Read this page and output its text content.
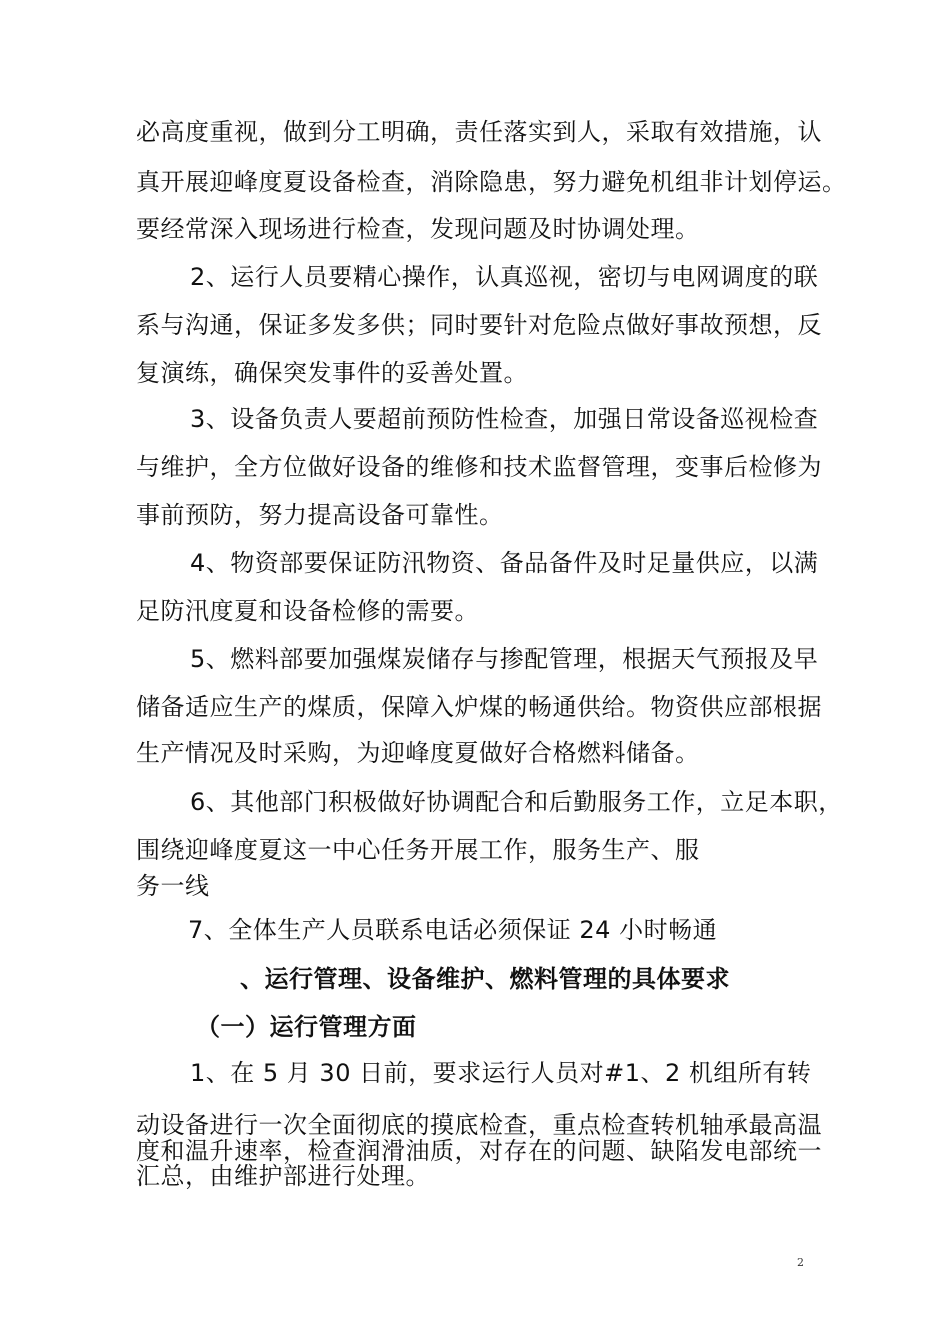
必高度重视，做到分工明确，责任落实到人，采取有效措施，认
真开展迎峰度夏设备检查，消除隐患，努力避免机组非计划停运。
要经常深入现场进行检查，发现问题及时协调处理。
2、运行人员要精心操作，认真巡视，密切与电网调度的联
系与沟通，保证多发多供；同时要针对危险点做好事故预想，反
复演练，确保突发事件的妥善处置。
3、设备负责人要超前预防性检查，加强日常设备巡视检查
与维护，全方位做好设备的维修和技术监督管理，变事后检修为
事前预防，努力提高设备可靠性。
4、物资部要保证防汛物资、备品备件及时足量供应，以满
足防汛度夏和设备检修的需要。
5、燃料部要加强煤炭储存与掺配管理，根据天气预报及早
储备适应生产的煤质，保障入炉煤的畅通供给。物资供应部根据
生产情况及时采购，为迎峰度夏做好合格燃料储备。
6、其他部门积极做好协调配合和后勤服务工作，立足本职，
围绕迎峰度夏这一中心任务开展工作，服务生产、服
务一线
7、全体生产人员联系电话必须保证 24 小时畅通
、运行管理、设备维护、燃料管理的具体要求
（一）运行管理方面
1、在 5 月 30 日前，要求运行人员对#1、2 机组所有转
动设备进行一次全面彻底的摸底检查，重点检查转机轴承最高温
度和温升速率，检查润滑油质，对存在的问题、缺陷发电部统一
汇总，由维护部进行处理。
2
